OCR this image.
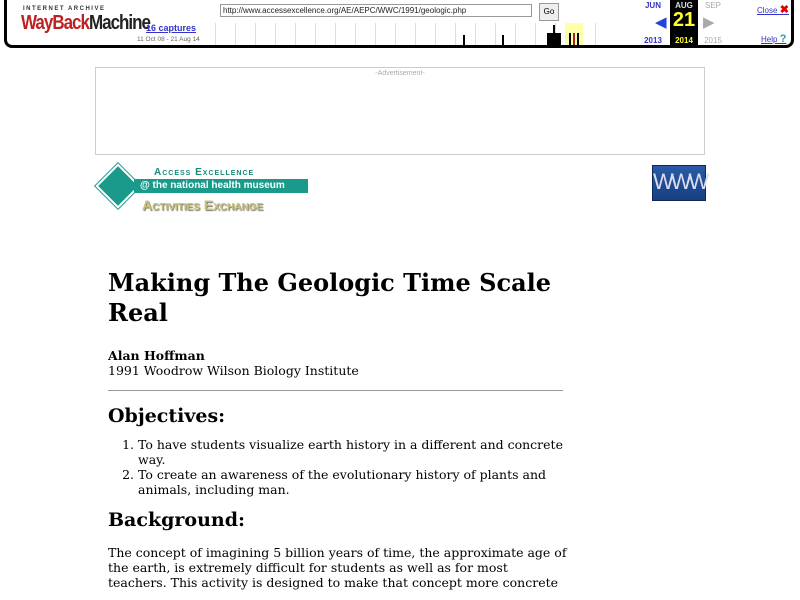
INTERNET ARCHIVE
WayBackMachine
16 captures
11 Oct 08 - 21 Aug 14
http://www.accessexcellence.org/AE/AEPC/WWC/1991/geologic.php	Go
JUN	AUG
21
2014
SEP
◀ ▶
2013	2015
Close ✖
Help ?
-Advertisement-
Access Excellence
@ the national health museum
Activities Exchange
WWW
Making The Geologic Time Scale Real
Alan Hoffman
1991 Woodrow Wilson Biology Institute
Objectives:
1. To have students visualize earth history in a different and concrete way.
2. To create an awareness of the evolutionary history of plants and animals, including man.
Background:

The concept of imagining 5 billion years of time, the approximate age of the earth, is extremely difficult for students as well as for most teachers. This activity is designed to make that concept more concrete
